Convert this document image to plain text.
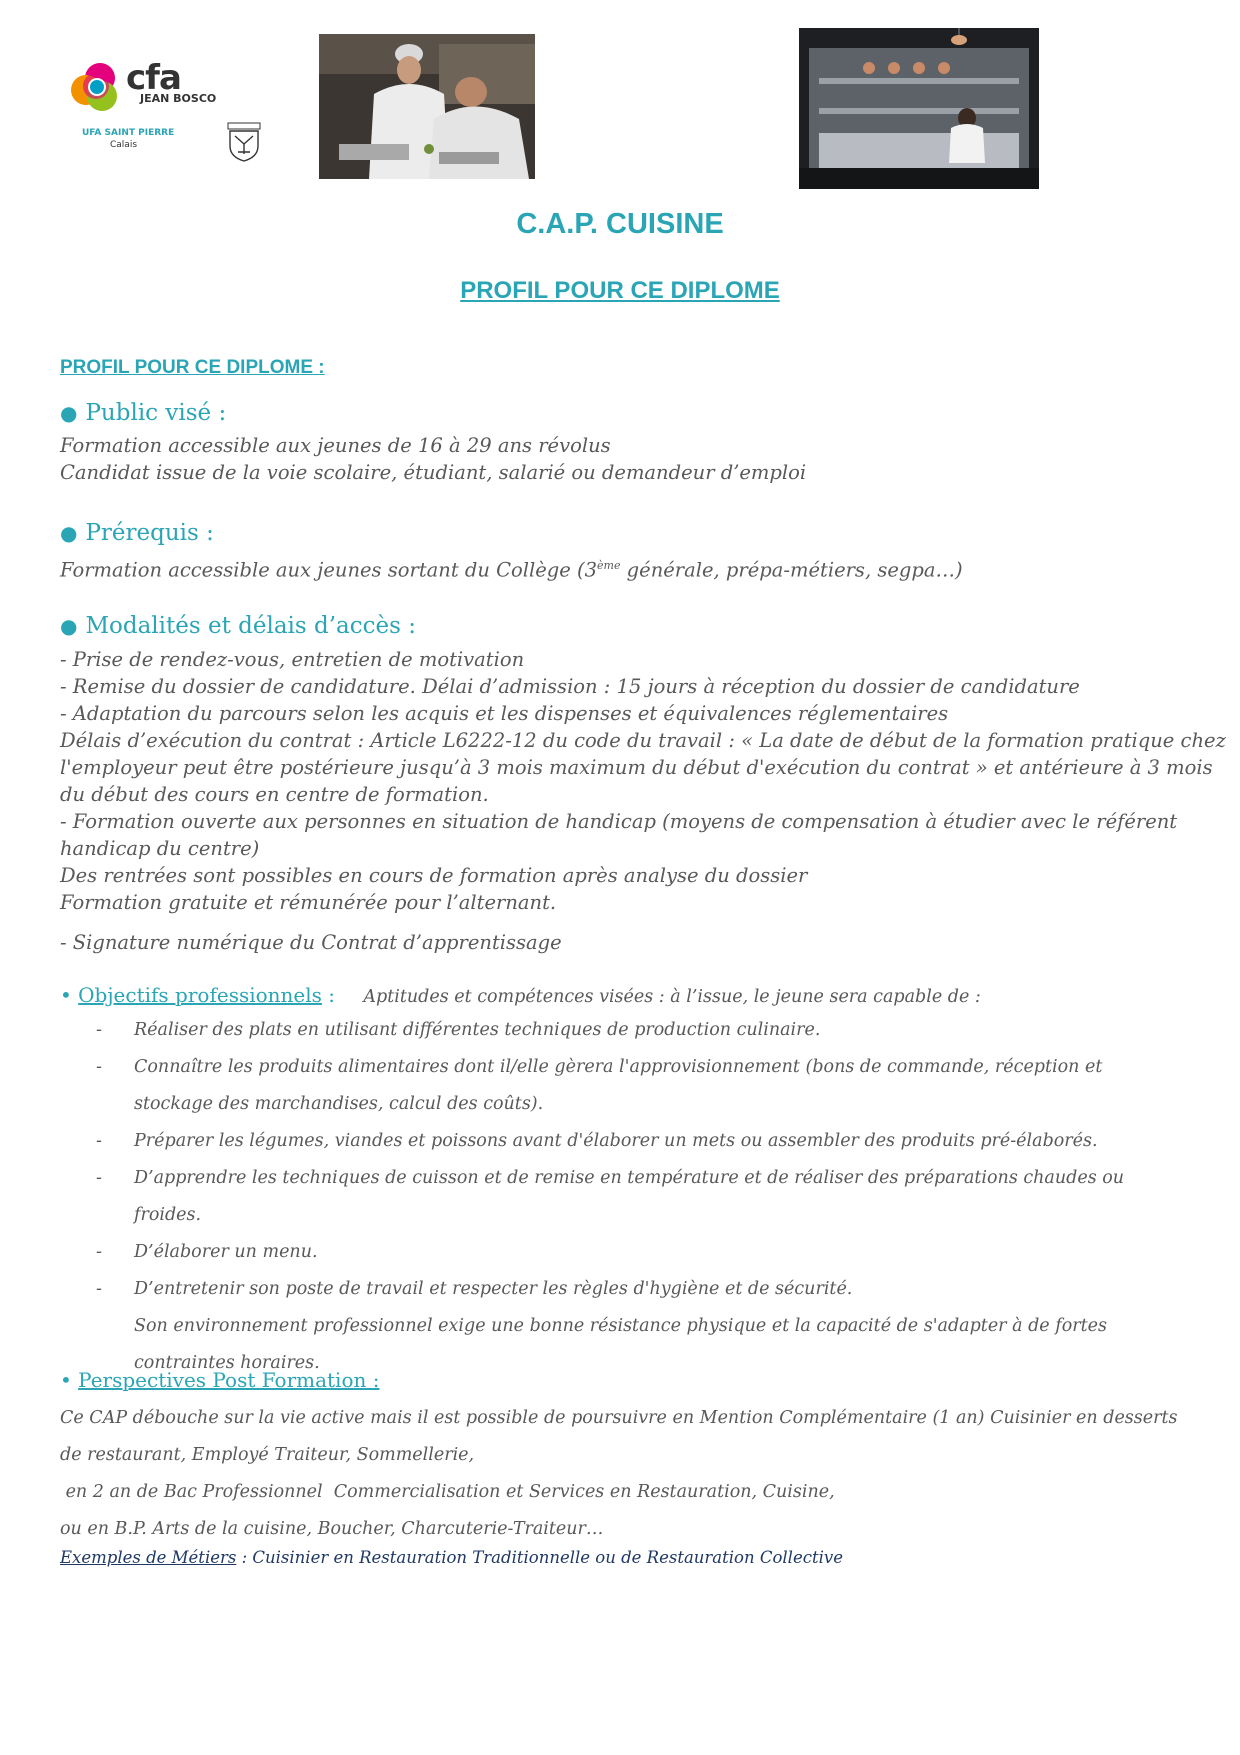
cfa
JEAN BOSCO
UFA SAINT PIERRE
Calais
C.A.P. CUISINE
PROFIL POUR CE DIPLOME
PROFIL POUR CE DIPLOME :
● Public visé :
Formation accessible aux jeunes de 16 à 29 ans révolus
Candidat issue de la voie scolaire, étudiant, salarié ou demandeur d’emploi
● Prérequis :
Formation accessible aux jeunes sortant du Collège (3ème générale, prépa-métiers, segpa…)
● Modalités et délais d’accès :
- Prise de rendez-vous, entretien de motivation
- Remise du dossier de candidature. Délai d’admission : 15 jours à réception du dossier de candidature
- Adaptation du parcours selon les acquis et les dispenses et équivalences réglementaires
Délais d’exécution du contrat : Article L6222-12 du code du travail : « La date de début de la formation pratique chez
l'employeur peut être postérieure jusqu’à 3 mois maximum du début d'exécution du contrat » et antérieure à 3 mois
du début des cours en centre de formation.
- Formation ouverte aux personnes en situation de handicap (moyens de compensation à étudier avec le référent
handicap du centre)
Des rentrées sont possibles en cours de formation après analyse du dossier
Formation gratuite et rémunérée pour l’alternant.
- Signature numérique du Contrat d’apprentissage
• Objectifs professionnels : Aptitudes et compétences visées : à l’issue, le jeune sera capable de :
-	Réaliser des plats en utilisant différentes techniques de production culinaire.
-	Connaître les produits alimentaires dont il/elle gèrera l'approvisionnement (bons de commande, réception et stockage des marchandises, calcul des coûts).
-	Préparer les légumes, viandes et poissons avant d'élaborer un mets ou assembler des produits pré-élaborés.
-	D’apprendre les techniques de cuisson et de remise en température et de réaliser des préparations chaudes ou froides.
-	D’élaborer un menu.
-	D’entretenir son poste de travail et respecter les règles d'hygiène et de sécurité.
Son environnement professionnel exige une bonne résistance physique et la capacité de s'adapter à de fortes contraintes horaires.
• Perspectives Post Formation :
Ce CAP débouche sur la vie active mais il est possible de poursuivre en Mention Complémentaire (1 an) Cuisinier en desserts de restaurant, Employé Traiteur, Sommellerie,
en 2 an de Bac Professionnel  Commercialisation et Services en Restauration, Cuisine,
ou en B.P. Arts de la cuisine, Boucher, Charcuterie-Traiteur…
Exemples de Métiers : Cuisinier en Restauration Traditionnelle ou de Restauration Collective
